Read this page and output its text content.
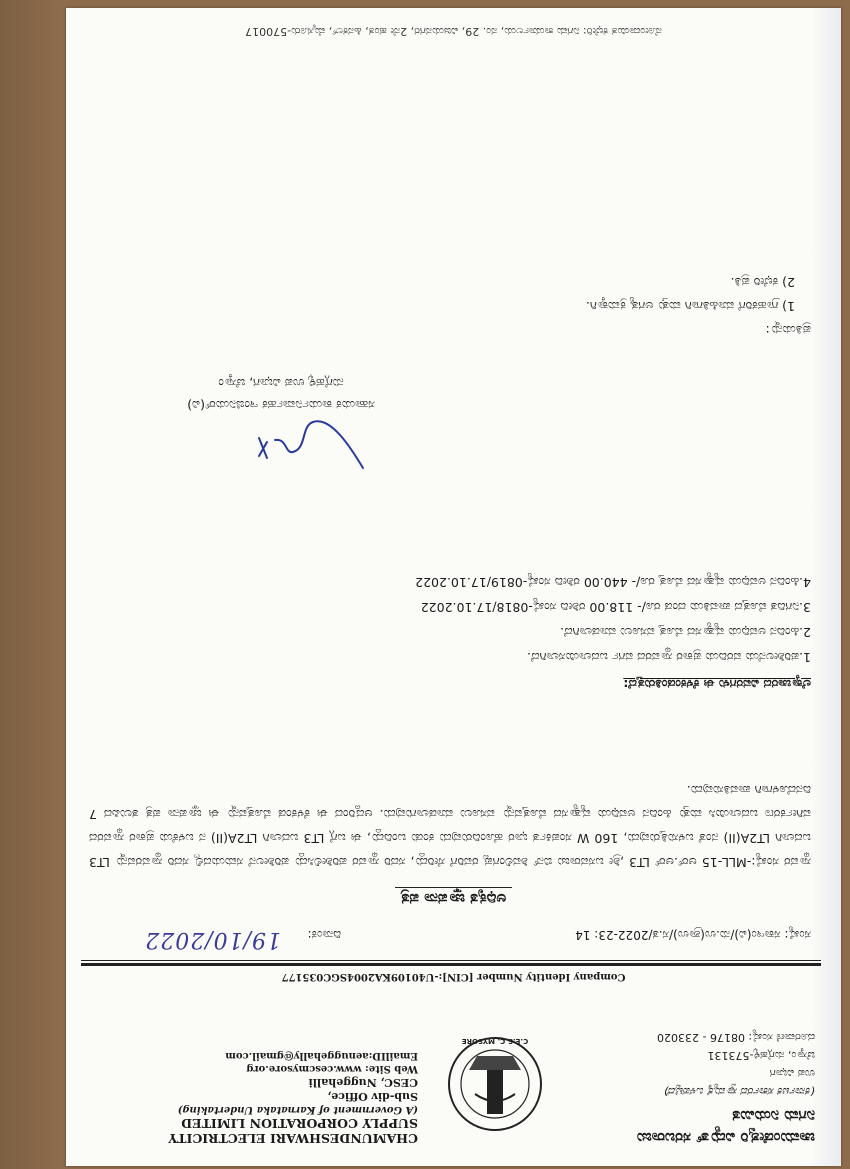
ಚಾಮುಂಡೇಶ್ವರಿ ವಿದ್ಯುತ್ ಸರಬರಾಜು
ನಿಗಮ ನಿಯಮಿತ
(ಕರ್ನಾಟಕ ಸರ್ಕಾರದ ಸ್ವಾಮ್ಯಕ್ಕೆ ಒಳಪಟ್ಟಿದೆ)
ಉಪ ವಿಭಾಗ
ಚೆಸ್ಕಾಂ, ನುಗ್ಗೆಹಳ್ಳಿ-573131
ದೂರವಾಣಿ ಸಂಖ್ಯೆ: 08176 - 233020
C.E.S.C. MYSORE
CHAMUNDESHWARI ELECTRICITY
SUPPLY CORPORATION LIMITED
(A Government of Karnataka Undertaking)
Sub-div Office,
CESC, Nuggehalli
Web Site: www.cescmysore.org
EmailID:aenuggehally@gmail.com
Company Identity Number [CIN]:-U40109KA2004SGC035177
ಸಂಖ್ಯೆ: ಸಕಾಇಂ(ವಿ)/ನು.ಉ(ಶ್ರಾಉ)/ಸ.ತ/2022-23: 14
ದಿನಾಂಕ:
19/10/2022
ಅಧಿಕೃತ ಜ್ಞಾಪನಾ ಪತ್ರ
ಸ್ಥಾವರ ಸಂಖ್ಯೆ:-MLL-15 ಆರ್.ಆರ್ LT3 ,ಶ್ರೀ ಬಸವರಾಜು ಬಿನ್ ಶಿವಲಿಂಗಪ್ಪ ರವರಿಗೆ ಸೇರಿದ್ದು, ಸದರಿ ಸ್ಥಾವರ ಪರಿಶೀಲಿಸಿದ್ದು ಪರಿಶೀಲನೆ ಸಮಯದಲ್ಲಿ ಸದರಿ ಸ್ಥಾವರವನ್ನು LT3 ಬದಲಾಗಿ LT2A(II) ನಂತೆ ಬಳಸುತ್ತಿರುವುದು, 160 W ಸಂಪರ್ಕಿತ ಭಾರ ಹೊಂದಿರುವುದು ಕಂಡು ಬಂದಿದ್ದು, ಈ ಬಗ್ಗೆ LT3 ಬದಲಾಗಿ LT2A(II) ನ ಬಳಕೆಯ ಪ್ರಕಾರ ಸ್ಥಾವರದ ವರ್ಗೀಕರಣ ಬದಲಾಯಿಸಿ ಮತ್ತು ಹಿಂದಿನ ಅವಧಿಯ ವ್ಯತ್ಯಾಸದ ಮೊತ್ತವನ್ನು ವಸೂಲು ಮಾಡಲಾಗುವುದು. ಆದ್ದರಿಂದ ಈ ಕೆಳಕಂಡ ಮೊತ್ತವನ್ನು ಈ ಜ್ಞಾಪನಾ ಪತ್ರ ತಲುಪಿದ 7 ದಿನದೊಳಗಾಗಿ ಪಾವತಿಸುವುದು.
ಲೆಕ್ಕಾಚಾರದ ವಿವರಗಳು ಈ ಕೆಳಕಂಡಂತಿರುತ್ತದೆ:
1.ಪರಿಶೀಲನೆಯ ವರದಿಯ ಪ್ರಕಾರ ಸ್ಥಾವರದ ವರ್ಗ ಬದಲಾಯಿಸಲಾಗಿದೆ.
2.ಹಿಂದಿನ ಅವಧಿಯ ವ್ಯತ್ಯಾಸದ ಮೊತ್ತ ವಸೂಲು ಮಾಡಲಾಗಿದೆ.
3.ನಿಗದಿತ ಮೊತ್ತದ ಪಾವತಿಯ ದಂಡ ರೂ/- 118.00 ರಶೀದಿ ಸಂಖ್ಯೆ-0818/17.10.2022
4.ಹಿಂದಿನ ಅವಧಿಯ ವ್ಯತ್ಯಾಸದ ಮೊತ್ತ ರೂ/- 440.00 ರಶೀದಿ ಸಂಖ್ಯೆ-0819/17.10.2022
ಸಹಾಯಕ ಕಾರ್ಯನಿರ್ವಾಹಕ ಇಂಜಿನಿಯರ್(ವಿ)
ನುಗ್ಗೆಹಳ್ಳಿ ಉಪ ವಿಭಾಗ, ಚೆಸ್ಕಾಂ
ಪ್ರತಿಯನ್ನು:
1) ಗ್ರಾಹಕರಿಗೆ ಮಾಹಿತಿಗಾಗಿ ಮತ್ತು ಅಗತ್ಯ ಕ್ರಮಕ್ಕಾಗಿ.
2) ಕಛೇರಿ ಪ್ರತಿ.
ನೋಂದಾಯಿತ ಕಛೇರಿ: ನಿಗಮ ಕಾರ್ಯಾಲಯ, ನಂ. 29, ವಿಜಯನಗರ, 2ನೇ ಹಂತ, ಹಿನಕಲ್, ಮೈಸೂರು-570017
